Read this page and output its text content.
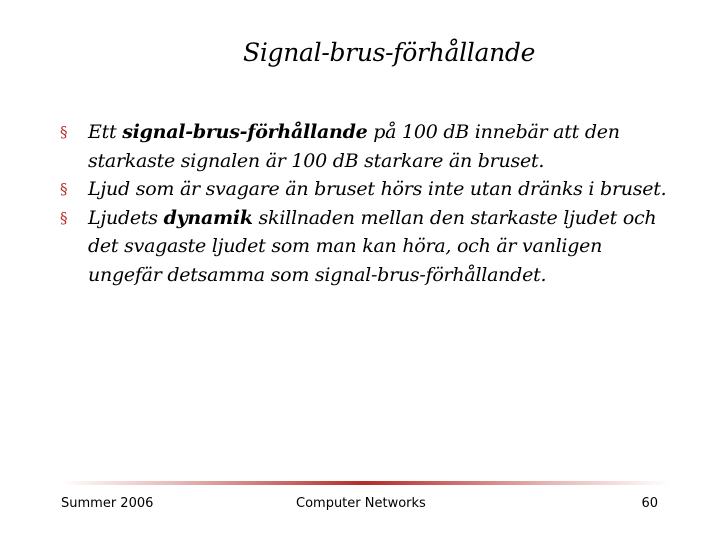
Signal-brus-förhållande
§ Ett signal-brus-förhållande på 100 dB innebär att den starkaste signalen är 100 dB starkare än bruset.
§ Ljud som är svagare än bruset hörs inte utan dränks i bruset.
§ Ljudets dynamik skillnaden mellan den starkaste ljudet och det svagaste ljudet som man kan höra, och är vanligen ungefär detsamma som signal-brus-förhållandet.
Summer 2006	Computer Networks	60
